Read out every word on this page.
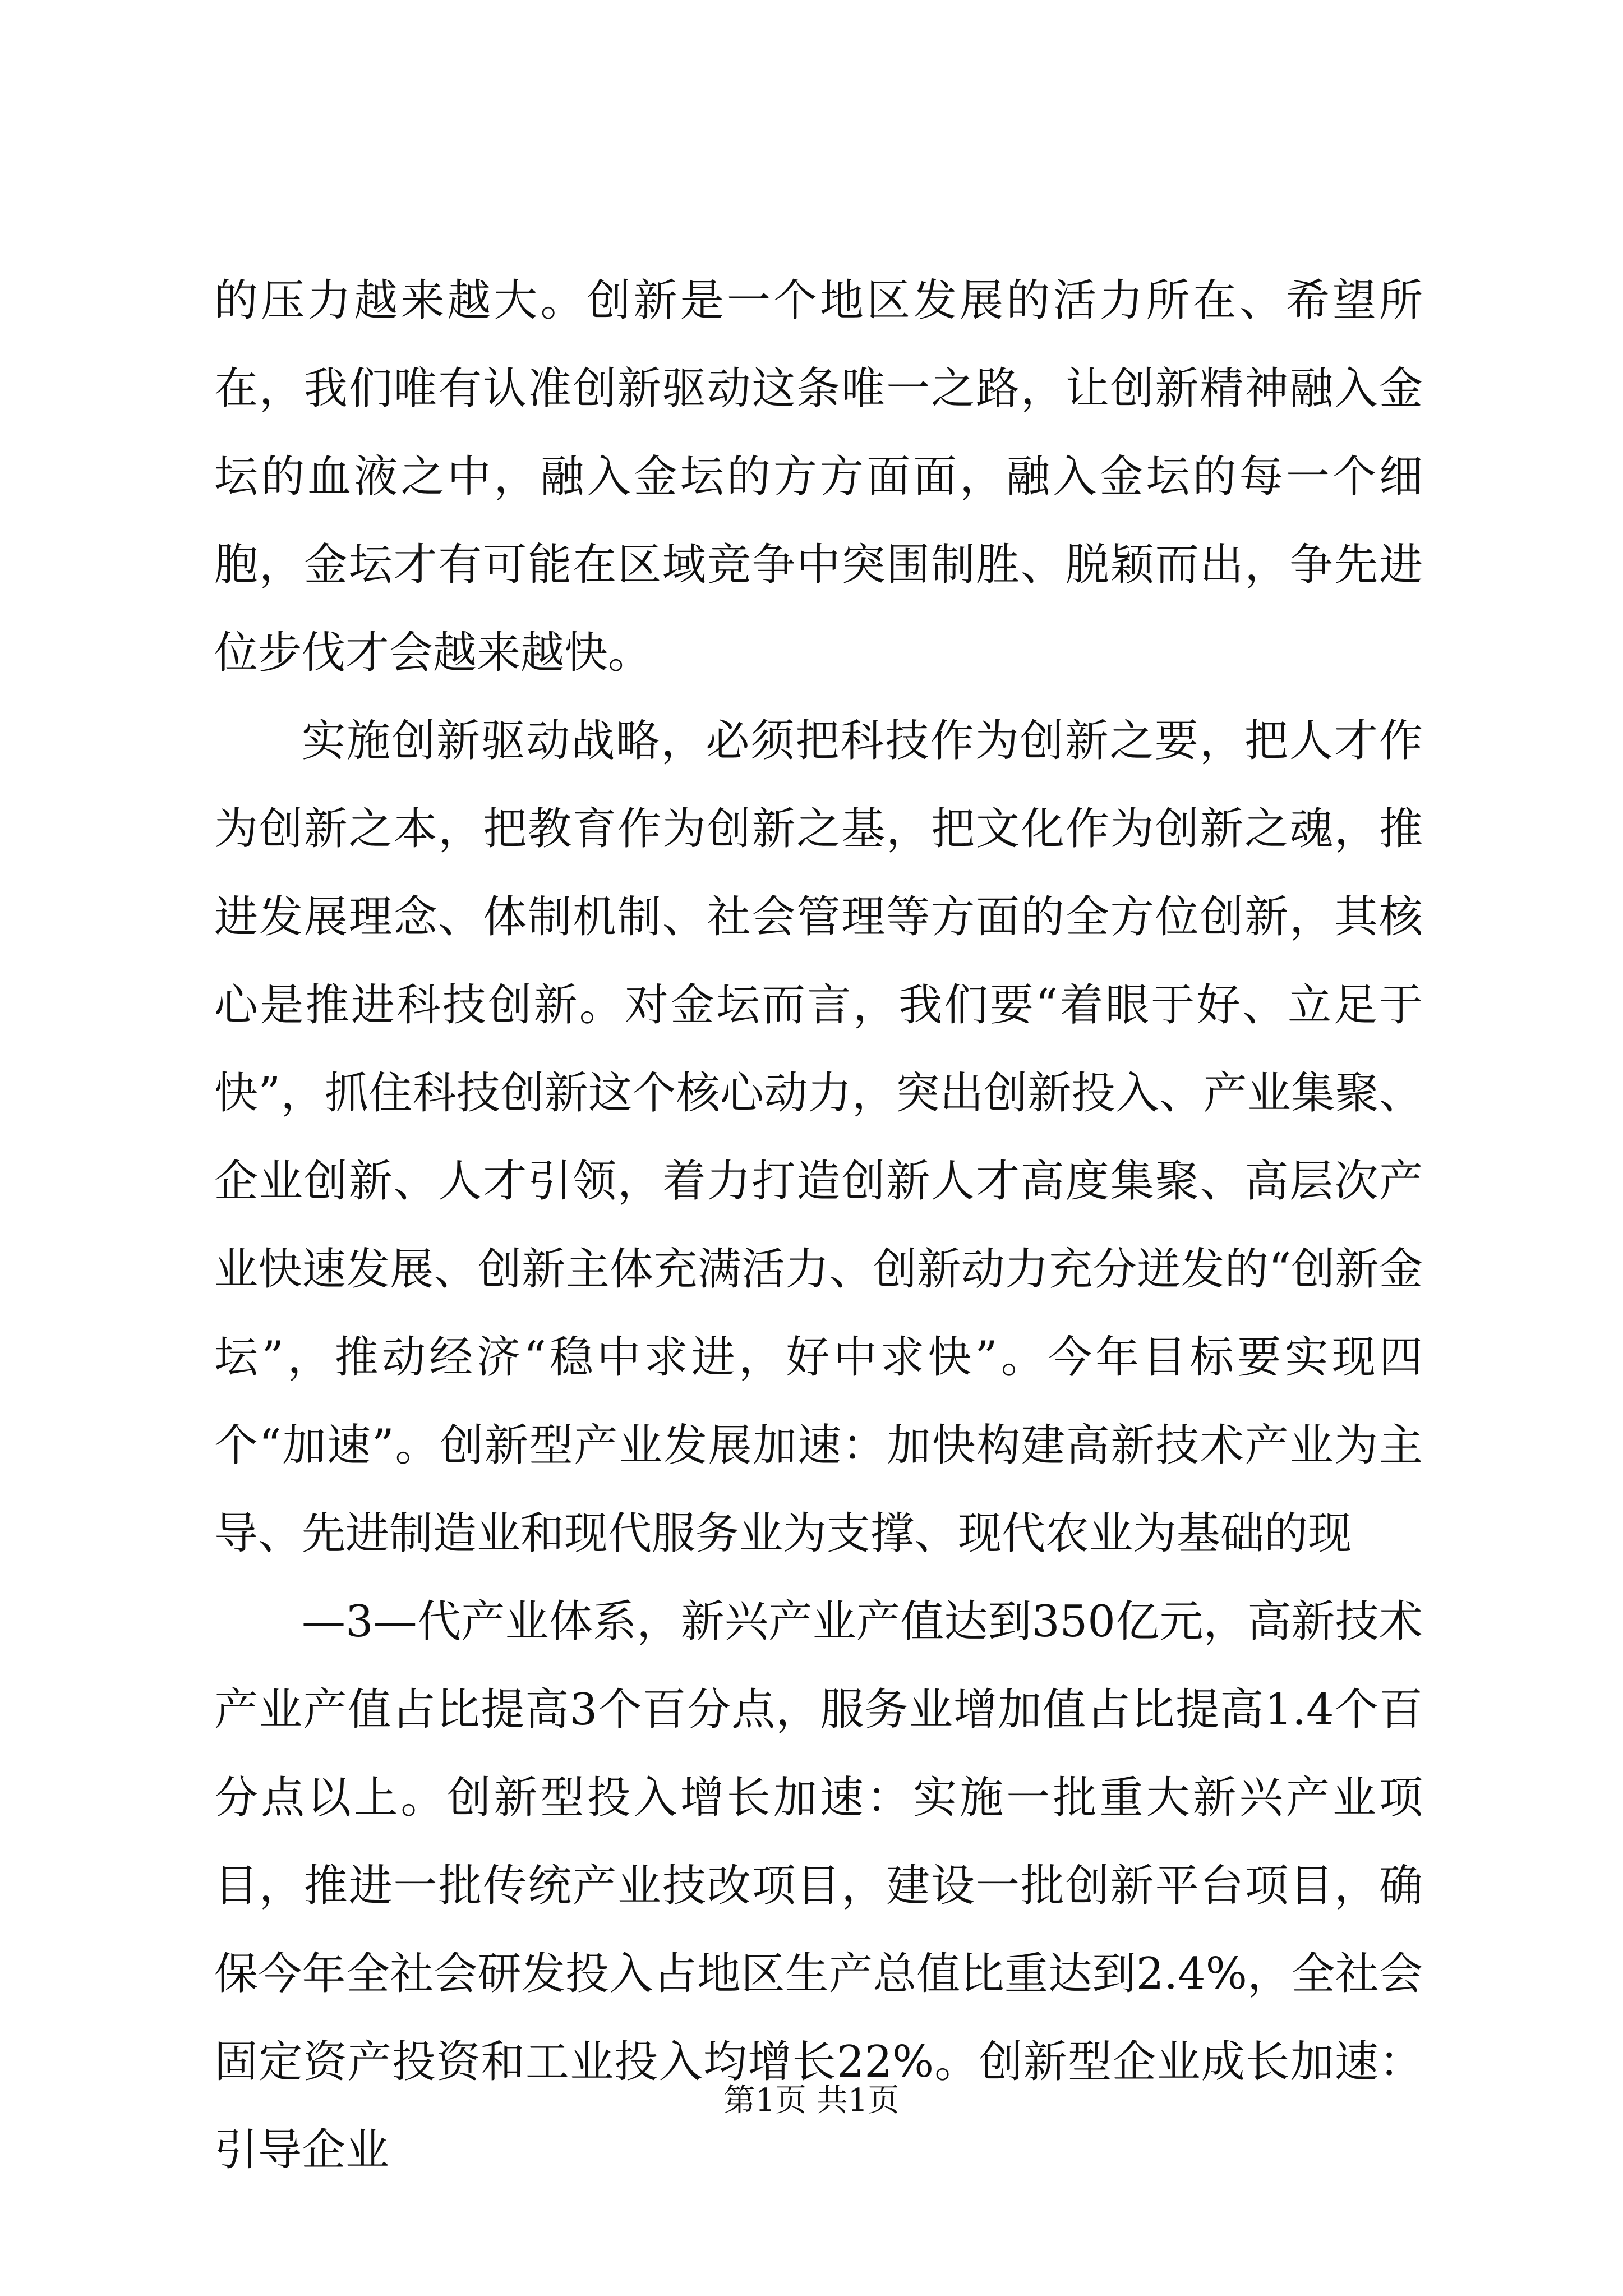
的压力越来越大。创新是一个地区发展的活力所在、希望所在，我们唯有认准创新驱动这条唯一之路，让创新精神融入金坛的血液之中，融入金坛的方方面面，融入金坛的每一个细胞，金坛才有可能在区域竞争中突围制胜、脱颖而出，争先进位步伐才会越来越快。

实施创新驱动战略，必须把科技作为创新之要，把人才作为创新之本，把教育作为创新之基，把文化作为创新之魂，推进发展理念、体制机制、社会管理等方面的全方位创新，其核心是推进科技创新。对金坛而言，我们要“着眼于好、立足于快”，抓住科技创新这个核心动力，突出创新投入、产业集聚、企业创新、人才引领，着力打造创新人才高度集聚、高层次产业快速发展、创新主体充满活力、创新动力充分迸发的“创新金坛”，推动经济“稳中求进，好中求快”。今年目标要实现四个“加速”。创新型产业发展加速：加快构建高新技术产业为主导、先进制造业和现代服务业为支撑、现代农业为基础的现

—3—代产业体系，新兴产业产值达到350亿元，高新技术产业产值占比提高3个百分点，服务业增加值占比提高1.4个百分点以上。创新型投入增长加速：实施一批重大新兴产业项目，推进一批传统产业技改项目，建设一批创新平台项目，确保今年全社会研发投入占地区生产总值比重达到2.4%，全社会固定资产投资和工业投入均增长22%。创新型企业成长加速：引导企业

第1页 共1页
